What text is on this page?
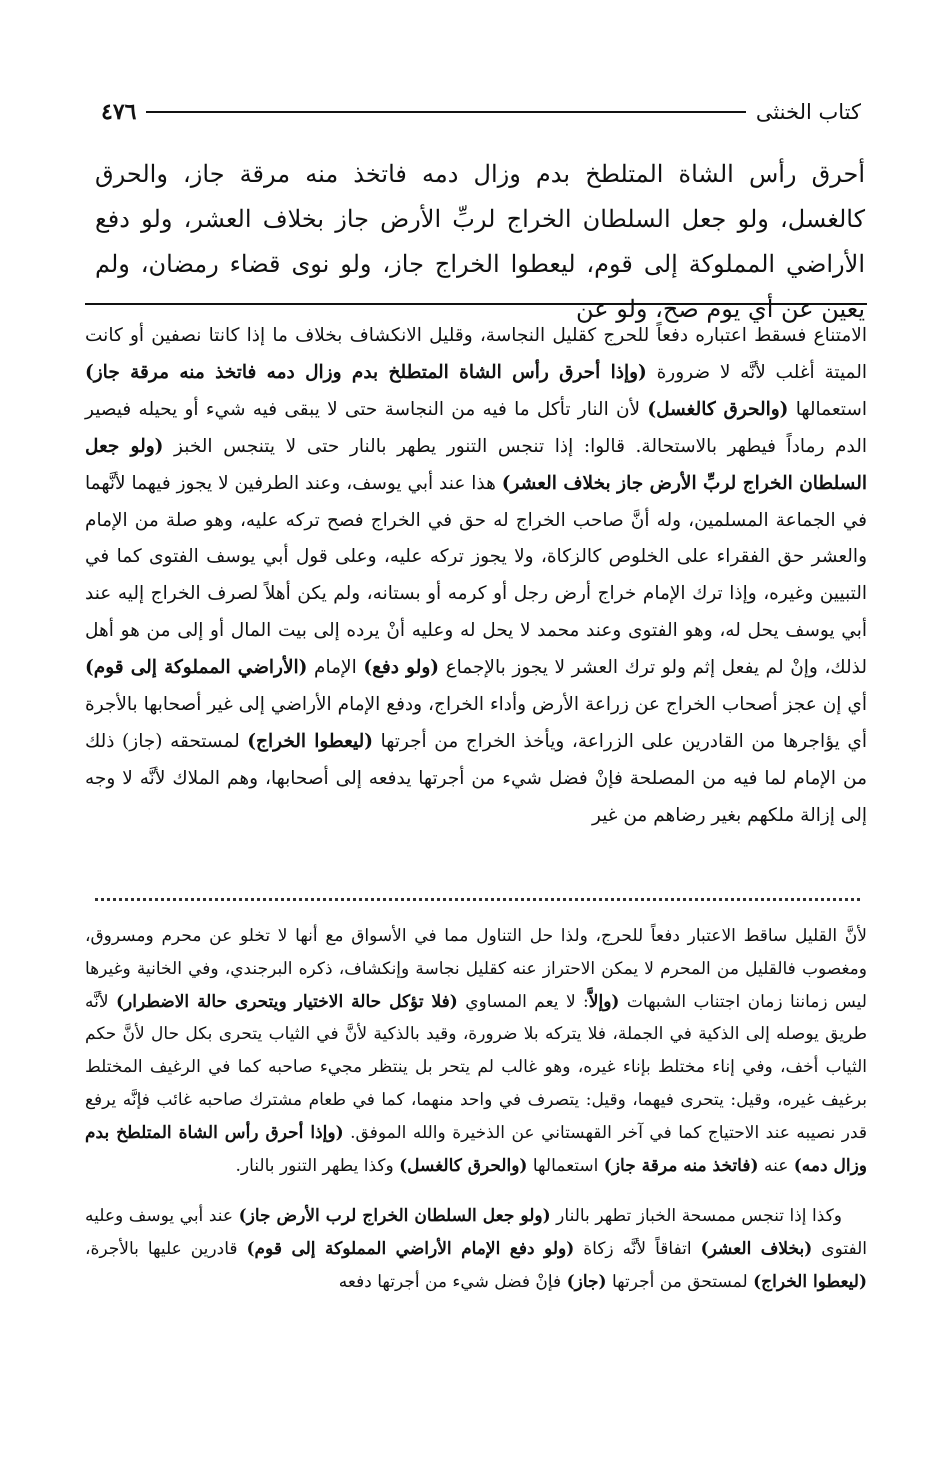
كتاب الخنثى
٤٧٦

أحرق رأس الشاة المتلطخ بدم وزال دمه فاتخذ منه مرقة جاز، والحرق كالغسل، ولو جعل السلطان الخراج لربِّ الأرض جاز بخلاف العشر، ولو دفع الأراضي المملوكة إلى قوم، ليعطوا الخراج جاز، ولو نوى قضاء رمضان، ولم يعين عن أي يوم صح، ولو عن

الامتناع فسقط اعتباره دفعاً للحرج كقليل النجاسة، وقليل الانكشاف بخلاف ما إذا كانتا نصفين أو كانت الميتة أغلب لأنَّه لا ضرورة (وإذا أحرق رأس الشاة المتطلخ بدم وزال دمه فاتخذ منه مرقة جاز) استعمالها (والحرق كالغسل) لأن النار تأكل ما فيه من النجاسة حتى لا يبقى فيه شيء أو يحيله فيصير الدم رماداً فيطهر بالاستحالة. قالوا: إذا تنجس التنور يطهر بالنار حتى لا يتنجس الخبز (ولو جعل السلطان الخراج لربِّ الأرض جاز بخلاف العشر) هذا عند أبي يوسف، وعند الطرفين لا يجوز فيهما لأنَّهما في الجماعة المسلمين، وله أنَّ صاحب الخراج له حق في الخراج فصح تركه عليه، وهو صلة من الإمام والعشر حق الفقراء على الخلوص كالزكاة، ولا يجوز تركه عليه، وعلى قول أبي يوسف الفتوى كما في التبيين وغيره، وإذا ترك الإمام خراج أرض رجل أو كرمه أو بستانه، ولم يكن أهلاً لصرف الخراج إليه عند أبي يوسف يحل له، وهو الفتوى وعند محمد لا يحل له وعليه أنْ يرده إلى بيت المال أو إلى من هو أهل لذلك، وإنْ لم يفعل إثم ولو ترك العشر لا يجوز بالإجماع (ولو دفع) الإمام (الأراضي المملوكة إلى قوم) أي إن عجز أصحاب الخراج عن زراعة الأرض وأداء الخراج، ودفع الإمام الأراضي إلى غير أصحابها بالأجرة أي يؤاجرها من القادرين على الزراعة، ويأخذ الخراج من أجرتها (ليعطوا الخراج) لمستحقه (جاز) ذلك من الإمام لما فيه من المصلحة فإنْ فضل شيء من أجرتها يدفعه إلى أصحابها، وهم الملاك لأنَّه لا وجه إلى إزالة ملكهم بغير رضاهم من غير

لأنَّ القليل ساقط الاعتبار دفعاً للحرج، ولذا حل التناول مما في الأسواق مع أنها لا تخلو عن محرم ومسروق، ومغصوب فالقليل من المحرم لا يمكن الاحتراز عنه كقليل نجاسة وإنكشاف، ذكره البرجندي، وفي الخانية وغيرها ليس زماننا زمان اجتناب الشبهات (وإلاَّ: لا يعم المساوي (فلا تؤكل حالة الاختيار ويتحرى حالة الاضطرار) لأنَّه طريق يوصله إلى الذكية في الجملة، فلا يتركه بلا ضرورة، وقيد بالذكية لأنَّ في الثياب يتحرى بكل حال لأنَّ حكم الثياب أخف، وفي إناء مختلط بإناء غيره، وهو غالب لم يتحر بل ينتظر مجيء صاحبه كما في الرغيف المختلط برغيف غيره، وقيل: يتحرى فيهما، وقيل: يتصرف في واحد منهما، كما في طعام مشترك صاحبه غائب فإنَّه يرفع قدر نصيبه عند الاحتياج كما في آخر القهستاني عن الذخيرة والله الموفق. (وإذا أحرق رأس الشاة المتلطخ بدم وزال دمه) عنه (فاتخذ منه مرقة جاز) استعمالها (والحرق كالغسل) وكذا يطهر التنور بالنار.

وكذا إذا تنجس ممسحة الخباز تطهر بالنار (ولو جعل السلطان الخراج لرب الأرض جاز) عند أبي يوسف وعليه الفتوى (بخلاف العشر) اتفاقاً لأنَّه زكاة (ولو دفع الإمام الأراضي المملوكة إلى قوم) قادرين عليها بالأجرة، (ليعطوا الخراج) لمستحق من أجرتها (جاز) فإنْ فضل شيء من أجرتها دفعه
